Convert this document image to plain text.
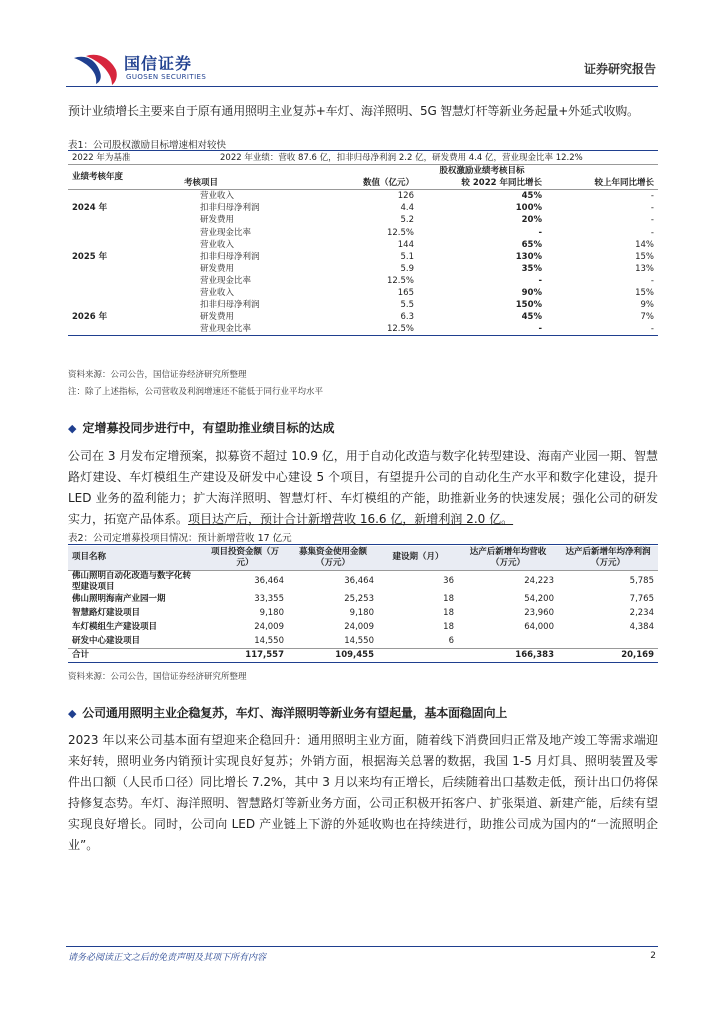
国信证券
GUOSEN SECURITIES
证券研究报告
预计业绩增长主要来自于原有通用照明主业复苏+车灯、海洋照明、5G 智慧灯杆等新业务起量+外延式收购。
表1：公司股权激励目标增速相对较快
2022 年为基准	2022 年业绩：营收 87.6 亿，扣非归母净利润 2.2 亿，研发费用 4.4 亿，营业现金比率 12.2%			
业绩考核年度		股权激励业绩考核目标		
	考核项目	数值（亿元）	较 2022 年同比增长	较上年同比增长
	营业收入	126	45%	-
2024 年	扣非归母净利润	4.4	100%	-
	研发费用	5.2	20%	-
	营业现金比率	12.5%	-	-
	营业收入	144	65%	14%
2025 年	扣非归母净利润	5.1	130%	15%
	研发费用	5.9	35%	13%
	营业现金比率	12.5%	-	-
	营业收入	165	90%	15%
	扣非归母净利润	5.5	150%	9%
2026 年	研发费用	6.3	45%	7%
	营业现金比率	12.5%	-	-
资料来源：公司公告，国信证券经济研究所整理
注：除了上述指标，公司营收及利润增速还不能低于同行业平均水平
◆ 定增募投同步进行中，有望助推业绩目标的达成
公司在 3 月发布定增预案，拟募资不超过 10.9 亿，用于自动化改造与数字化转型建设、海南产业园一期、智慧路灯建设、车灯模组生产建设及研发中心建设 5 个项目，有望提升公司的自动化生产水平和数字化建设，提升 LED 业务的盈利能力；扩大海洋照明、智慧灯杆、车灯模组的产能，助推新业务的快速发展；强化公司的研发实力，拓宽产品体系。项目达产后，预计合计新增营收 16.6 亿，新增利润 2.0 亿。
表2：公司定增募投项目情况：预计新增营收 17 亿元
项目名称	项目投资金额（万元）	募集资金使用金额（万元）	建设期（月）	达产后新增年均营收（万元）	达产后新增年均净利润（万元）
佛山照明自动化改造与数字化转型建设项目	36,464	36,464	36	24,223	5,785
佛山照明海南产业园一期	33,355	25,253	18	54,200	7,765
智慧路灯建设项目	9,180	9,180	18	23,960	2,234
车灯模组生产建设项目	24,009	24,009	18	64,000	4,384
研发中心建设项目	14,550	14,550	6		
合计	117,557	109,455		166,383	20,169
资料来源：公司公告，国信证券经济研究所整理
◆ 公司通用照明主业企稳复苏，车灯、海洋照明等新业务有望起量，基本面稳固向上
2023 年以来公司基本面有望迎来企稳回升：通用照明主业方面，随着线下消费回归正常及地产竣工等需求端迎来好转，照明业务内销预计实现良好复苏；外销方面，根据海关总署的数据，我国 1-5 月灯具、照明装置及零件出口额（人民币口径）同比增长 7.2%，其中 3 月以来均有正增长，后续随着出口基数走低，预计出口仍将保持修复态势。车灯、海洋照明、智慧路灯等新业务方面，公司正积极开拓客户、扩张渠道、新建产能，后续有望实现良好增长。同时，公司向 LED 产业链上下游的外延收购也在持续进行，助推公司成为国内的“一流照明企业”。
请务必阅读正文之后的免责声明及其项下所有内容	2
